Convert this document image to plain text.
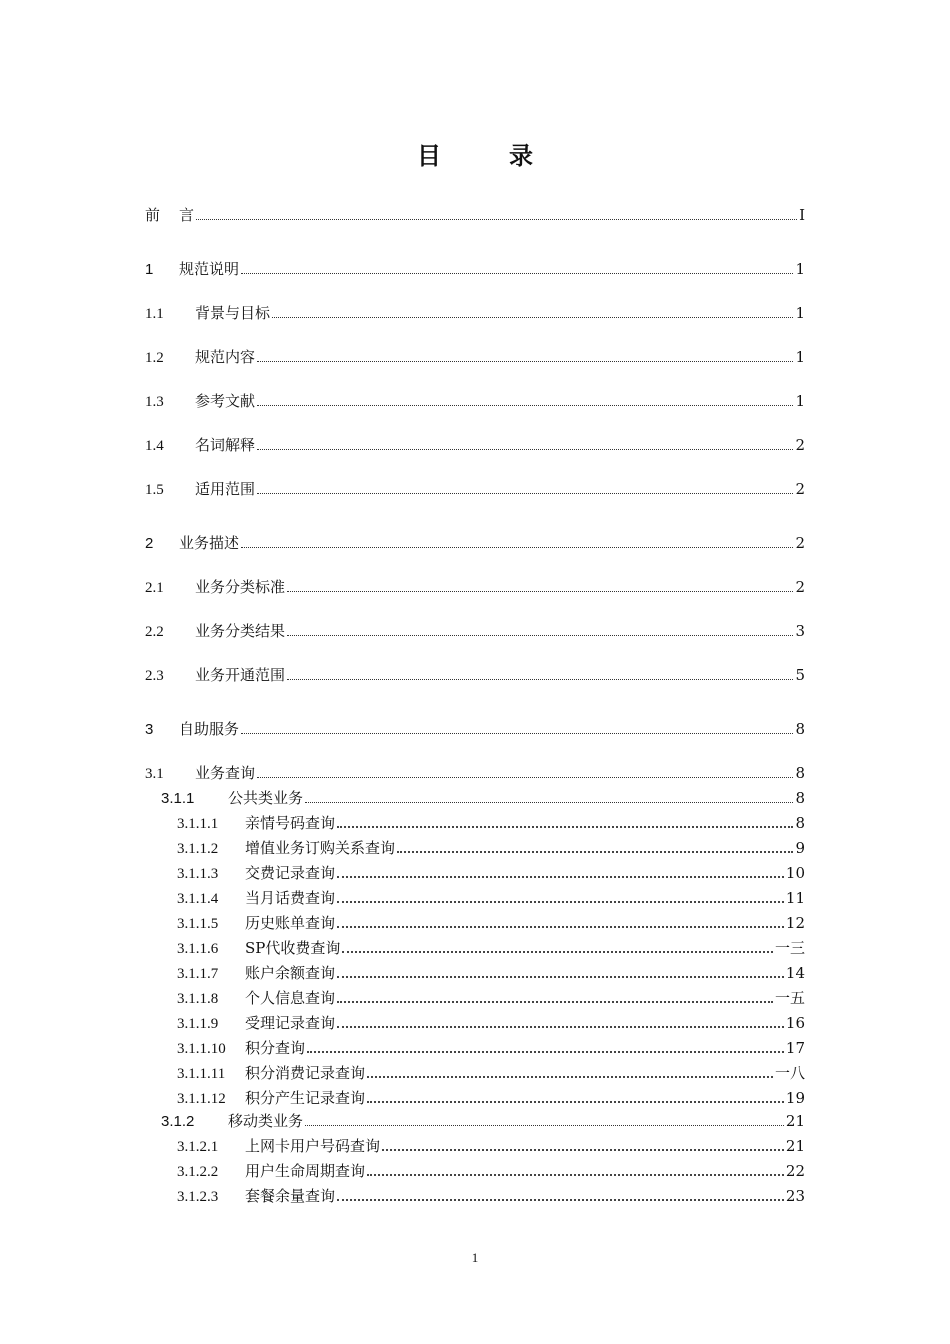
目　录
前	言	I
1	规范说明	1
1.1	背景与目标	1
1.2	规范内容	1
1.3	参考文献	1
1.4	名词解释	2
1.5	适用范围	2
2	业务描述	2
2.1	业务分类标准	2
2.2	业务分类结果	3
2.3	业务开通范围	5
3	自助服务	8
3.1	业务查询	8
3.1.1	公共类业务	8
3.1.1.1	亲情号码查询	8
3.1.1.2	增值业务订购关系查询	9
3.1.1.3	交费记录查询	10
3.1.1.4	当月话费查询	11
3.1.1.5	历史账单查询	12
3.1.1.6	SP代收费查询	一三
3.1.1.7	账户余额查询	14
3.1.1.8	个人信息查询	一五
3.1.1.9	受理记录查询	16
3.1.1.10	积分查询	17
3.1.1.11	积分消费记录查询	一八
3.1.1.12	积分产生记录查询	19
3.1.2	移动类业务	21
3.1.2.1	上网卡用户号码查询	21
3.1.2.2	用户生命周期查询	22
3.1.2.3	套餐余量查询	23
1
